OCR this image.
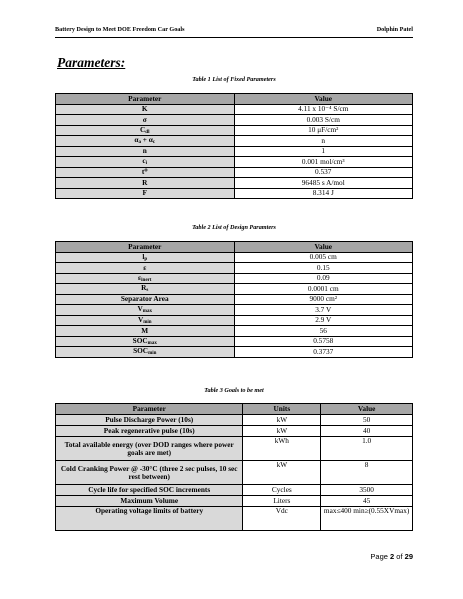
Battery Design to Meet DOE Freedom Car Goals	Dolphin Patel
Parameters:
Table 1 List of Fixed Parameters
Parameter	Value
K	4.11 x 10⁻⁴ S/cm
σ	0.003 S/cm
$C_{dl}$	10 μF/cm²
$\alpha_a + \alpha_c$	n
n	1
$c_i$	0.001 mol/cm³
t⁰	0.537
R	96485 s A/mol
F	8.314 J
Table 2 List of Design Paramters
Parameter	Value
$l_p$	0.005 cm
ε	0.15
$\varepsilon_{inert}$	0.09
$R_s$	0.0001 cm
Separator Area	9000 cm²
$V_{max}$	3.7 V
$V_{min}$	2.9 V
M	56
$SOC_{max}$	0.5758
$SOC_{min}$	0.3737
Table 3 Goals to be met
Parameter	Units	Value
Pulse Discharge Power (10s)	kW	50
Peak regenerative pulse (10s)	kW	40
Total available energy (over DOD ranges where power goals are met)	kWh	1.0
Cold Cranking Power @ -30°C (three 2 sec pulses, 10 sec rest between)	kW	8
Cycle life for specified SOC increments	Cycles	3500
Maximum Volume	Liters	45
Operating voltage limits of battery	Vdc	max≤400 min≥(0.55XVmax)
Page 2 of 29
